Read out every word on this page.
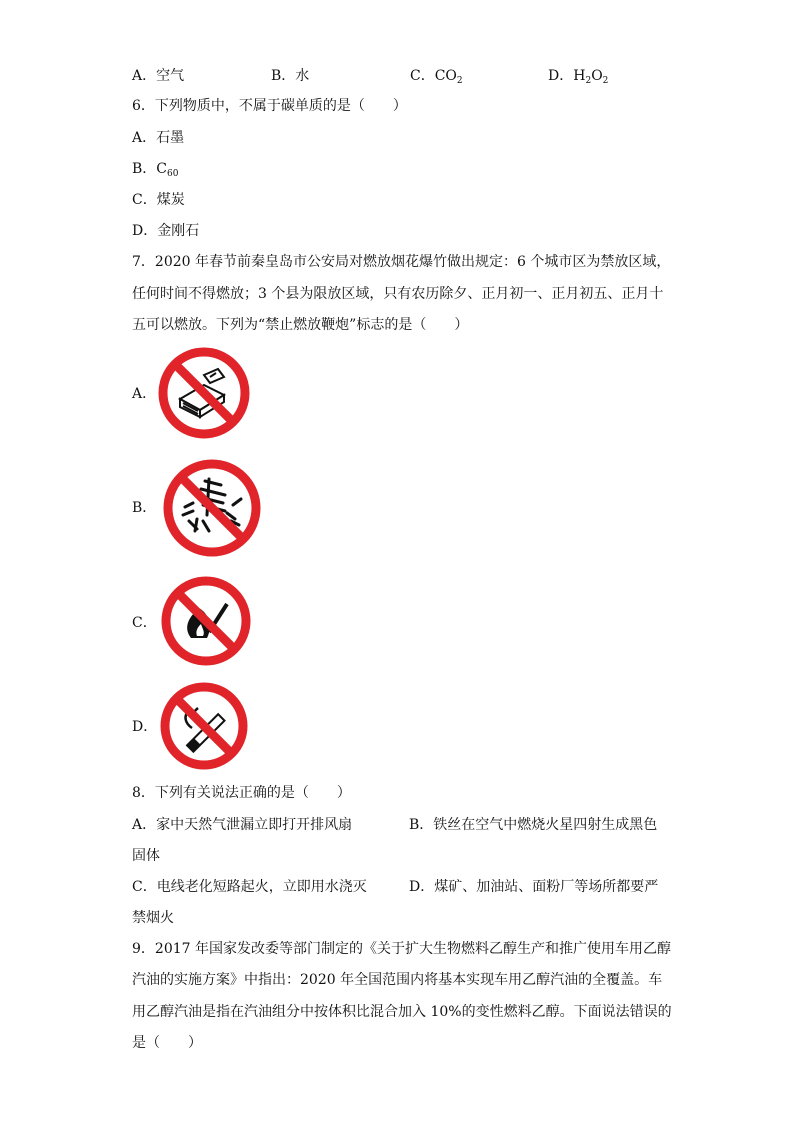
A．空气	B．水	C．$CO_2$	D．$H_2O_2$
6．下列物质中，不属于碳单质的是（　　）
A．石墨
B．$C_{60}$
C．煤炭
D．金刚石
7．2020 年春节前秦皇岛市公安局对燃放烟花爆竹做出规定：6 个城市区为禁放区域，
任何时间不得燃放；3 个县为限放区域，只有农历除夕、正月初一、正月初五、正月十
五可以燃放。下列为“禁止燃放鞭炮”标志的是（　　）
A．
B．
C．
D．
8．下列有关说法正确的是（　　）
A．家中天然气泄漏立即打开排风扇	B．铁丝在空气中燃烧火星四射生成黑色
固体
C．电线老化短路起火，立即用水浇灭	D．煤矿、加油站、面粉厂等场所都要严
禁烟火
9．2017 年国家发改委等部门制定的《关于扩大生物燃料乙醇生产和推广使用车用乙醇
汽油的实施方案》中指出：2020 年全国范围内将基本实现车用乙醇汽油的全覆盖。车
用乙醇汽油是指在汽油组分中按体积比混合加入 10%的变性燃料乙醇。下面说法错误的
是（　　）
